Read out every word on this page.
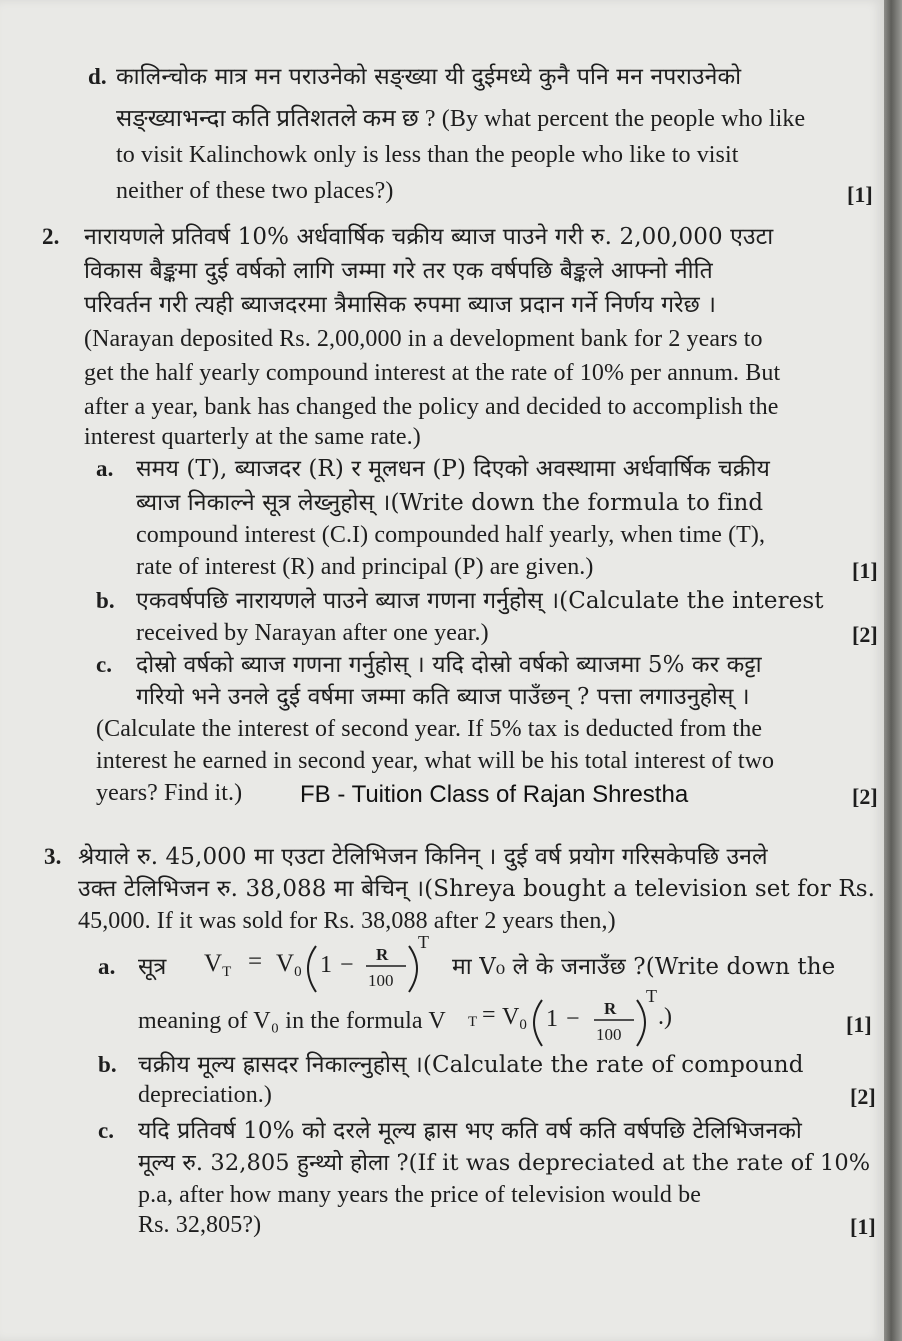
d. कालिन्चोक मात्र मन पराउनेको सङ्ख्या यी दुईमध्ये कुनै पनि मन नपराउनेको
सङ्ख्याभन्दा कति प्रतिशतले कम छ ? (By what percent the people who like
to visit Kalinchowk only is less than the people who like to visit
neither of these two places?)	[1]
2. नारायणले प्रतिवर्ष 10% अर्धवार्षिक चक्रीय ब्याज पाउने गरी रु. 2,00,000 एउटा
विकास बैङ्कमा दुई वर्षको लागि जम्मा गरे तर एक वर्षपछि बैङ्कले आफ्नो नीति
परिवर्तन गरी त्यही ब्याजदरमा त्रैमासिक रुपमा ब्याज प्रदान गर्ने निर्णय गरेछ ।
(Narayan deposited Rs. 2,00,000 in a development bank for 2 years to
get the half yearly compound interest at the rate of 10% per annum. But
after a year, bank has changed the policy and decided to accomplish the
interest quarterly at the same rate.)
a. समय (T), ब्याजदर (R) र मूलधन (P) दिएको अवस्थामा अर्धवार्षिक चक्रीय
ब्याज निकाल्ने सूत्र लेख्नुहोस् ।(Write down the formula to find
compound interest (C.I) compounded half yearly, when time (T),
rate of interest (R) and principal (P) are given.)	[1]
b. एकवर्षपछि नारायणले पाउने ब्याज गणना गर्नुहोस् ।(Calculate the interest
received by Narayan after one year.)	[2]
c. दोस्रो वर्षको ब्याज गणना गर्नुहोस् । यदि दोस्रो वर्षको ब्याजमा 5% कर कट्टा
गरियो भने उनले दुई वर्षमा जम्मा कति ब्याज पाउँछन् ? पत्ता लगाउनुहोस् ।
(Calculate the interest of second year. If 5% tax is deducted from the
interest he earned in second year, what will be his total interest of two
years? Find it.)	FB - Tuition Class of Rajan Shrestha	[2]
3. श्रेयाले रु. 45,000 मा एउटा टेलिभिजन किनिन् । दुई वर्ष प्रयोग गरिसकेपछि उनले
उक्त टेलिभिजन रु. 38,088 मा बेचिन् ।(Shreya bought a television set for Rs.
45,000. If it was sold for Rs. 38,088 after 2 years then,)
a. सूत्र $V_T = V_0$ 1 − R
100
T
मा V₀ ले के जनाउँछ ?(Write down the
meaning of V₀ in the formula V $T = V_0$ 1 − R
100
T
.)	[1]
b. चक्रीय मूल्य ह्रासदर निकाल्नुहोस् ।(Calculate the rate of compound
depreciation.)	[2]
c. यदि प्रतिवर्ष 10% को दरले मूल्य ह्रास भए कति वर्ष कति वर्षपछि टेलिभिजनको
मूल्य रु. 32,805 हुन्थ्यो होला ?(If it was depreciated at the rate of 10%
p.a, after how many years the price of television would be
Rs. 32,805?)	[1]
